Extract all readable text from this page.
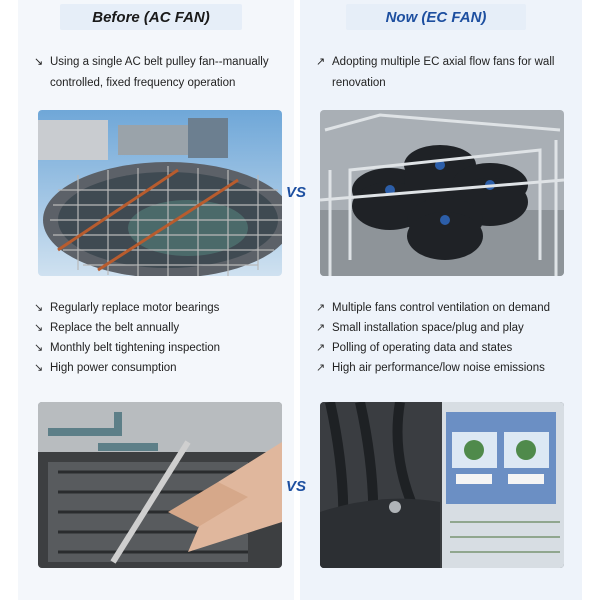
Before (AC FAN)	Now (EC FAN)
↘ Using a single AC belt pulley fan--manually controlled, fixed frequency operation
↗ Adopting multiple EC axial flow fans for wall renovation
VS
↘ Regularly replace motor bearings
↘ Replace the belt annually
↘ Monthly belt tightening inspection
↘ High power consumption
↗ Multiple fans control ventilation on demand
↗ Small installation space/plug and play
↗ Polling of operating data and states
↗ High air performance/low noise emissions
VS
